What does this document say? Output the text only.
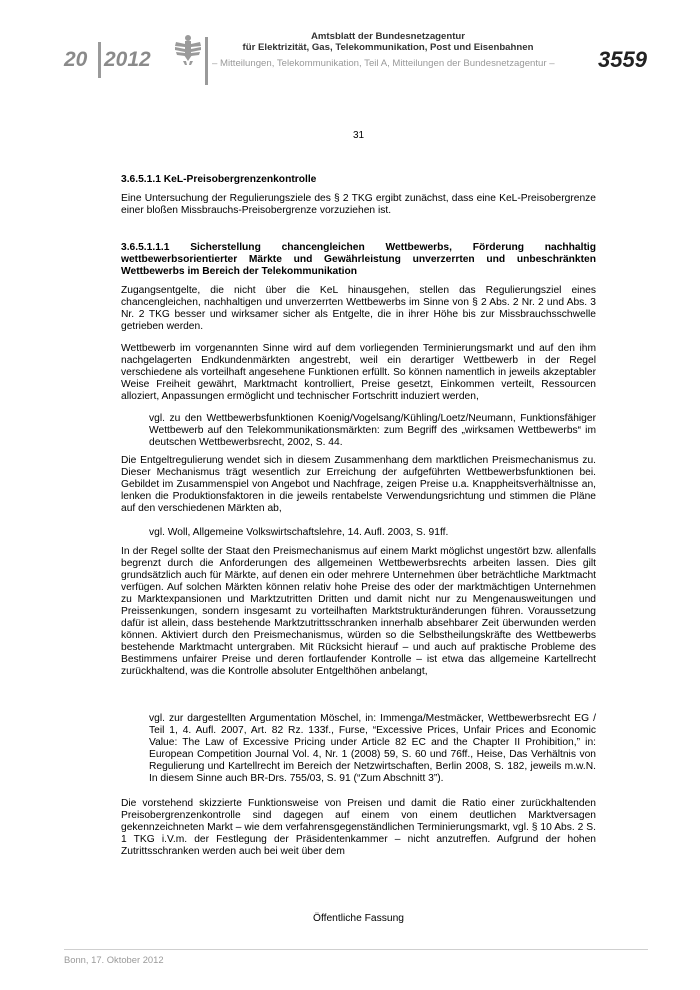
20 2012
Amtsblatt der Bundesnetzagentur
für Elektrizität, Gas, Telekommunikation, Post und Eisenbahnen
– Mitteilungen, Telekommunikation, Teil A, Mitteilungen der Bundesnetzagentur – 3559
31

3.6.5.1.1 KeL-Preisobergrenzenkontrolle

Eine Untersuchung der Regulierungsziele des § 2 TKG ergibt zunächst, dass eine KeL-Preisobergrenze einer bloßen Missbrauchs-Preisobergrenze vorzuziehen ist.

3.6.5.1.1.1 Sicherstellung chancengleichen Wettbewerbs, Förderung nachhaltig wettbewerbsorientierter Märkte und Gewährleistung unverzerrten und unbeschränkten Wettbewerbs im Bereich der Telekommunikation

Zugangsentgelte, die nicht über die KeL hinausgehen, stellen das Regulierungsziel eines chancengleichen, nachhaltigen und unverzerrten Wettbewerbs im Sinne von § 2 Abs. 2 Nr. 2 und Abs. 3 Nr. 2 TKG besser und wirksamer sicher als Entgelte, die in ihrer Höhe bis zur Missbrauchsschwelle getrieben werden.

Wettbewerb im vorgenannten Sinne wird auf dem vorliegenden Terminierungsmarkt und auf den ihm nachgelagerten Endkundenmärkten angestrebt, weil ein derartiger Wettbewerb in der Regel verschiedene als vorteilhaft angesehene Funktionen erfüllt. So können namentlich in jeweils akzeptabler Weise Freiheit gewährt, Marktmacht kontrolliert, Preise gesetzt, Einkommen verteilt, Ressourcen alloziert, Anpassungen ermöglicht und technischer Fortschritt induziert werden,

vgl. zu den Wettbewerbsfunktionen Koenig/Vogelsang/Kühling/Loetz/Neumann, Funktionsfähiger Wettbewerb auf den Telekommunikationsmärkten: zum Begriff des „wirksamen Wettbewerbs“ im deutschen Wettbewerbsrecht, 2002, S. 44.

Die Entgeltregulierung wendet sich in diesem Zusammenhang dem marktlichen Preismechanismus zu. Dieser Mechanismus trägt wesentlich zur Erreichung der aufgeführten Wettbewerbsfunktionen bei. Gebildet im Zusammenspiel von Angebot und Nachfrage, zeigen Preise u.a. Knappheitsverhältnisse an, lenken die Produktionsfaktoren in die jeweils rentabelste Verwendungsrichtung und stimmen die Pläne auf den verschiedenen Märkten ab,

vgl. Woll, Allgemeine Volkswirtschaftslehre, 14. Aufl. 2003, S. 91ff.

In der Regel sollte der Staat den Preismechanismus auf einem Markt möglichst ungestört bzw. allenfalls begrenzt durch die Anforderungen des allgemeinen Wettbewerbsrechts arbeiten lassen. Dies gilt grundsätzlich auch für Märkte, auf denen ein oder mehrere Unternehmen über beträchtliche Marktmacht verfügen. Auf solchen Märkten können relativ hohe Preise des oder der marktmächtigen Unternehmen zu Marktexpansionen und Marktzutritten Dritten und damit nicht nur zu Mengenausweitungen und Preissenkungen, sondern insgesamt zu vorteilhaften Marktstrukturänderungen führen. Voraussetzung dafür ist allein, dass bestehende Marktzutrittsschranken innerhalb absehbarer Zeit überwunden werden können. Aktiviert durch den Preismechanismus, würden so die Selbstheilungskräfte des Wettbewerbs bestehende Marktmacht untergraben. Mit Rücksicht hierauf – und auch auf praktische Probleme des Bestimmens unfairer Preise und deren fortlaufender Kontrolle – ist etwa das allgemeine Kartellrecht zurückhaltend, was die Kontrolle absoluter Entgelthöhen anbelangt,

vgl. zur dargestellten Argumentation Möschel, in: Immenga/Mestmäcker, Wettbewerbsrecht EG / Teil 1, 4. Aufl. 2007, Art. 82 Rz. 133f., Furse, “Excessive Prices, Unfair Prices and Economic Value: The Law of Excessive Pricing under Article 82 EC and the Chapter II Prohibition,” in: European Competition Journal Vol. 4, Nr. 1 (2008) 59, S. 60 und 76ff., Heise, Das Verhältnis von Regulierung und Kartellrecht im Bereich der Netzwirtschaften, Berlin 2008, S. 182, jeweils m.w.N. In diesem Sinne auch BR-Drs. 755/03, S. 91 (“Zum Abschnitt 3”).

Die vorstehend skizzierte Funktionsweise von Preisen und damit die Ratio einer zurückhaltenden Preisobergrenzenkontrolle sind dagegen auf einem von einem deutlichen Marktversagen gekennzeichneten Markt – wie dem verfahrensgegenständlichen Terminierungsmarkt, vgl. § 10 Abs. 2 S. 1 TKG i.V.m. der Festlegung der Präsidentenkammer – nicht anzutreffen. Aufgrund der hohen Zutrittsschranken werden auch bei weit über dem

Öffentliche Fassung
Bonn, 17. Oktober 2012
